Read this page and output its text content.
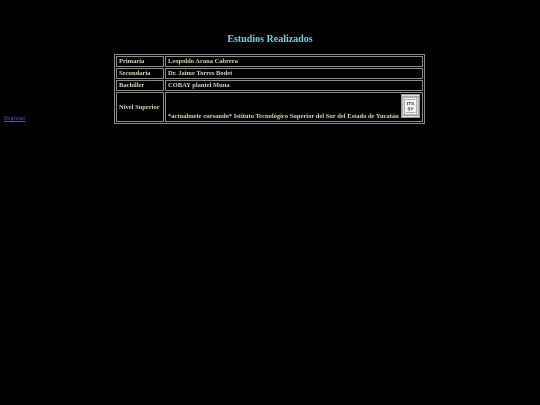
Estudios Realizados
Primaria	Leopoldo Arana Cabrera
Secundaria	Dr. Jaime Torres Bodet
Bachiller	COBAY plantel Muna
Nivel Superior	*actualmete cursando* Istituto Tecnológico Superior del Sur del Estado de Yucatán
ITS
SY
Regresar
